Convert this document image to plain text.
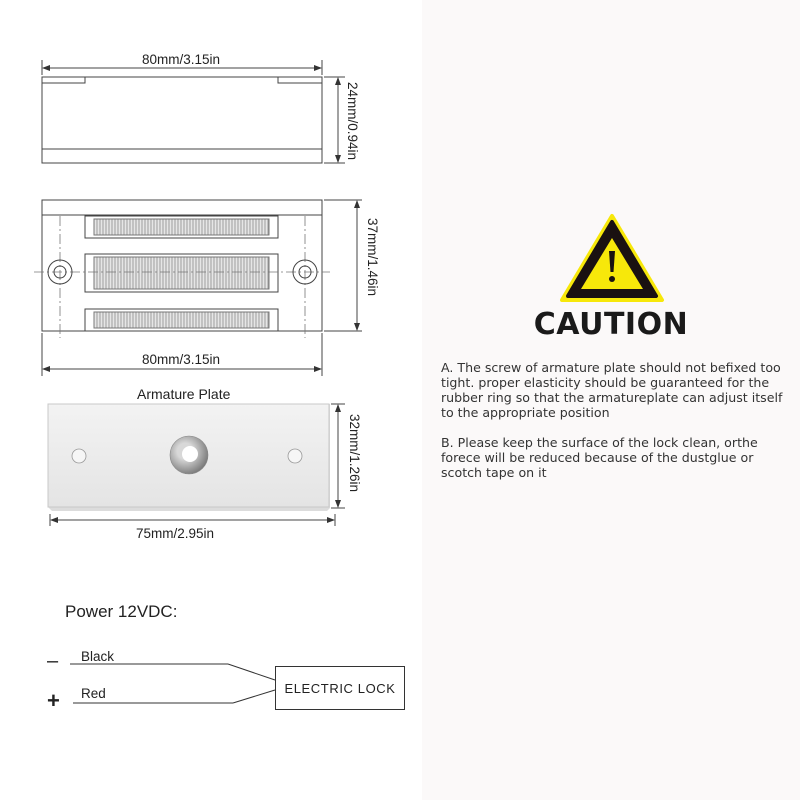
80mm/3.15in
24mm/0.94in
37mm/1.46in
80mm/3.15in
Armature Plate
32mm/1.26in
75mm/2.95in
Power 12VDC:
–
+
Black
Red	ELECTRIC LOCK
CAUTION
A. The screw of armature plate should not befixed too tight. proper elasticity should be guaranteed for the rubber ring so that the armatureplate can adjust itself to the appropriate position
B. Please keep the surface of the lock clean, orthe forece will be reduced because of the dustglue or scotch tape on it
